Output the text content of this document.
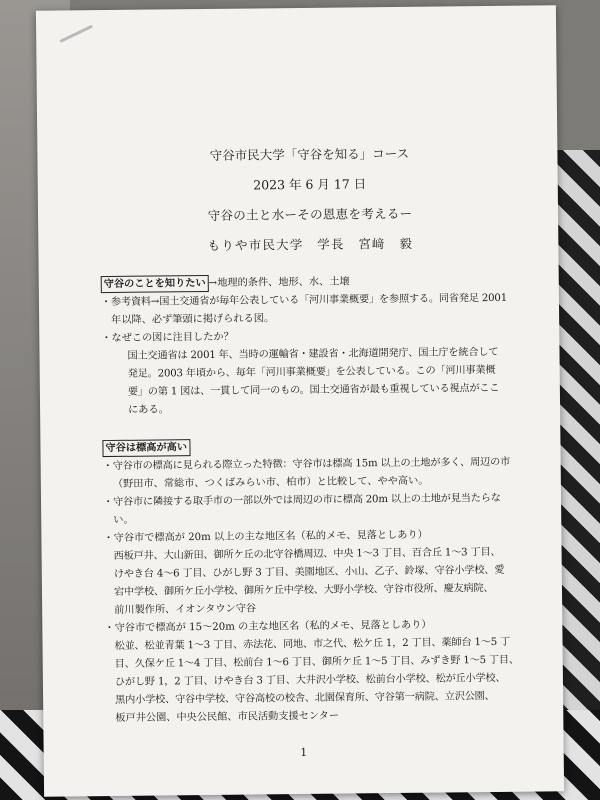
守谷市民大学「守谷を知る」コース
2023 年 6 月 17 日
守谷の土と水ーその恩恵を考えるー
もりや市民大学　学長　宮﨑　毅
守谷のことを知りたい →地理的条件、地形、水、土壌
・参考資料→国土交通省が毎年公表している「河川事業概要」を参照する。同省発足 2001
年以降、必ず筆頭に掲げられる図。
・なぜこの図に注目したか？
国土交通省は 2001 年、当時の運輸省・建設省・北海道開発庁、国土庁を統合して
発足。2003 年頃から、毎年「河川事業概要」を公表している。この「河川事業概
要」の第 1 図は、一貫して同一のもの。国土交通省が最も重視している視点がここ
にある。
守谷は標高が高い
・守谷市の標高に見られる際立った特徴：守谷市は標高 15m 以上の土地が多く、周辺の市
（野田市、常総市、つくばみらい市、柏市）と比較して、やや高い。
・守谷市に隣接する取手市の一部以外では周辺の市に標高 20m 以上の土地が見当たらな
い。
・守谷市で標高が 20m 以上の主な地区名（私的メモ、見落としあり）
西板戸井、大山新田、御所ケ丘の北守谷橋周辺、中央 1～3 丁目、百合丘 1～3 丁目、
けやき台 4～6 丁目、ひがし野 3 丁目、美園地区、小山、乙子、鈴塚、守谷小学校、愛
宕中学校、御所ケ丘小学校、御所ケ丘中学校、大野小学校、守谷市役所、慶友病院、
前川製作所、イオンタウン守谷
・守谷市で標高が 15～20m の主な地区名（私的メモ、見落としあり）
松並、松並青葉 1～3 丁目、赤法花、同地、市之代、松ケ丘 1，2 丁目、薬師台 1～5 丁
目、久保ケ丘 1～4 丁目、松前台 1～6 丁目、御所ケ丘 1～5 丁目、みずき野 1～5 丁目、
ひがし野 1，2 丁目、けやき台 3 丁目、大井沢小学校、松前台小学校、松が丘小学校、
黒内小学校、守谷中学校、守谷高校の校舎、北園保育所、守谷第一病院、立沢公園、
板戸井公園、中央公民館、市民活動支援センター
1
